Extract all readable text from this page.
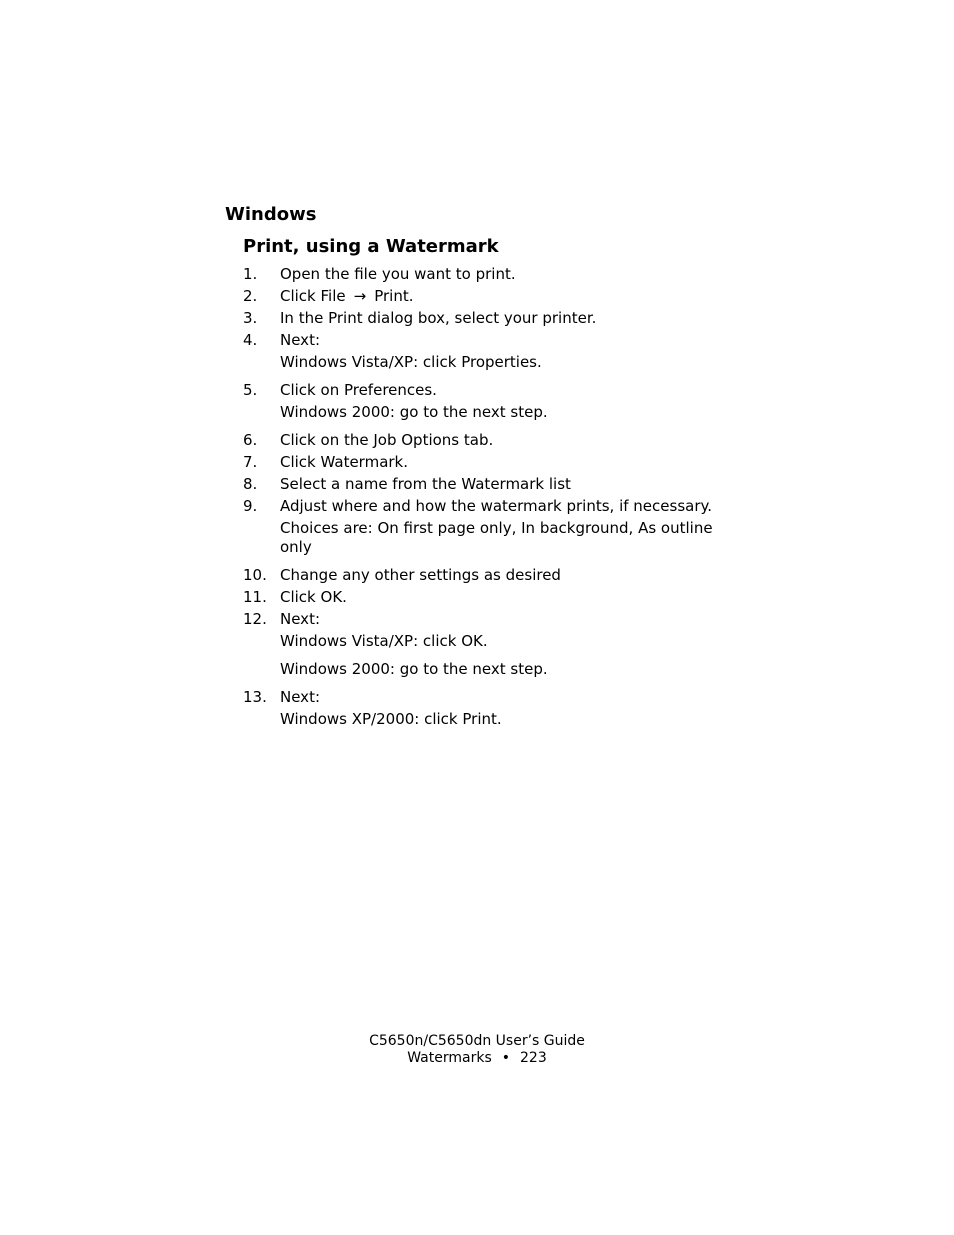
Windows
Print, using a Watermark
1. Open the file you want to print.
2. Click File → Print.
3. In the Print dialog box, select your printer.
4. Next:
Windows Vista/XP: click Properties.
5. Click on Preferences.
Windows 2000: go to the next step.
6. Click on the Job Options tab.
7. Click Watermark.
8. Select a name from the Watermark list
9. Adjust where and how the watermark prints, if necessary.
Choices are: On first page only, In background, As outline only
10. Change any other settings as desired
11. Click OK.
12. Next:
Windows Vista/XP: click OK.
Windows 2000: go to the next step.
13. Next:
Windows XP/2000: click Print.
C5650n/C5650dn User’s Guide
Watermarks • 223
